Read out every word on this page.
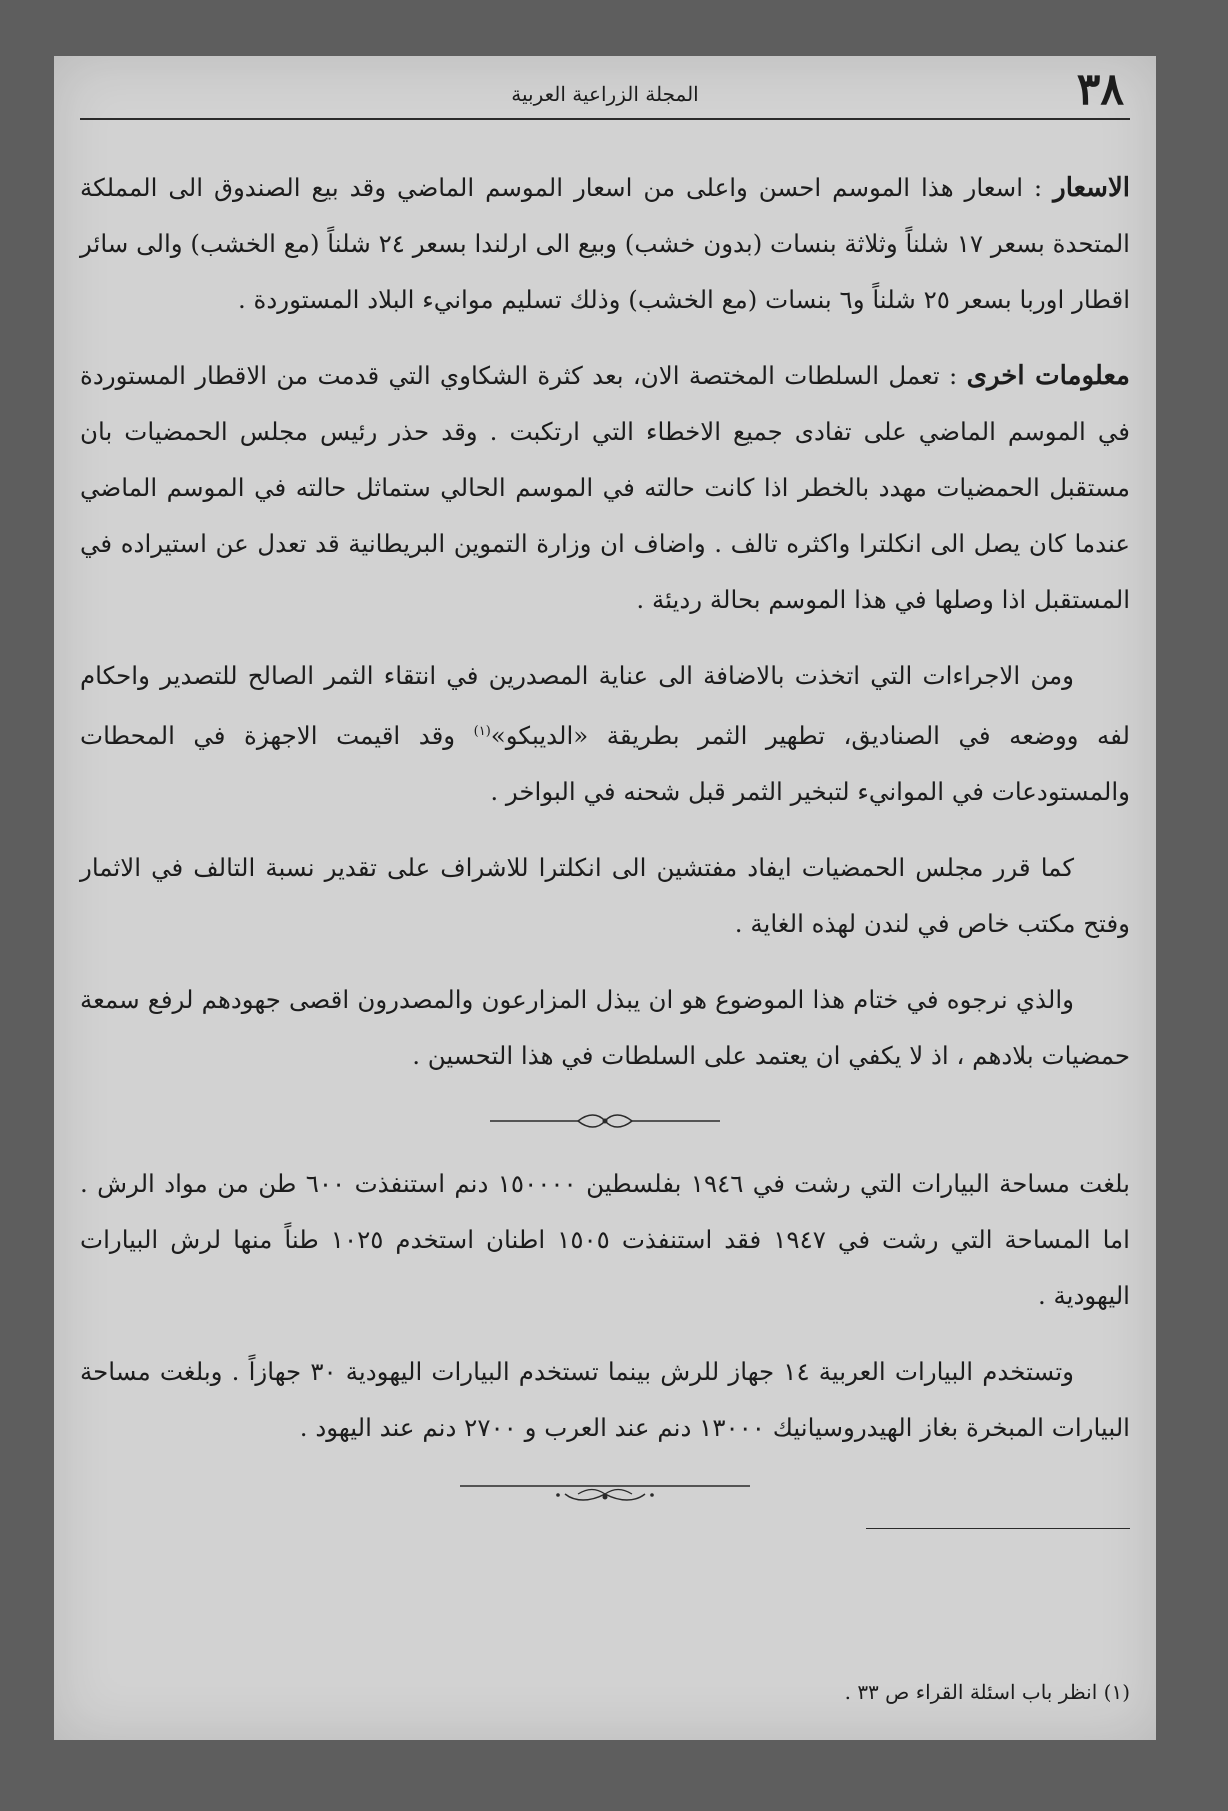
٣٨
المجلة الزراعية العربية

الاسعار : اسعار هذا الموسم احسن واعلى من اسعار الموسم الماضي وقد بيع الصندوق الى المملكة المتحدة بسعر ١٧ شلناً وثلاثة بنسات (بدون خشب) وبيع الى ارلندا بسعر ٢٤ شلناً (مع الخشب) والى سائر اقطار اوربا بسعر ٢٥ شلناً و٦ بنسات (مع الخشب) وذلك تسليم موانيء البلاد المستوردة .

معلومات اخرى : تعمل السلطات المختصة الان، بعد كثرة الشكاوي التي قدمت من الاقطار المستوردة في الموسم الماضي على تفادى جميع الاخطاء التي ارتكبت . وقد حذر رئيس مجلس الحمضيات بان مستقبل الحمضيات مهدد بالخطر اذا كانت حالته في الموسم الحالي ستماثل حالته في الموسم الماضي عندما كان يصل الى انكلترا واكثره تالف . واضاف ان وزارة التموين البريطانية قد تعدل عن استيراده في المستقبل اذا وصلها في هذا الموسم بحالة رديئة .

ومن الاجراءات التي اتخذت بالاضافة الى عناية المصدرين في انتقاء الثمر الصالح للتصدير واحكام لفه ووضعه في الصناديق، تطهير الثمر بطريقة «الديبكو»$^{(١)}$ وقد اقيمت الاجهزة في المحطات والمستودعات في الموانيء لتبخير الثمر قبل شحنه في البواخر .

كما قرر مجلس الحمضيات ايفاد مفتشين الى انكلترا للاشراف على تقدير نسبة التالف في الاثمار وفتح مكتب خاص في لندن لهذه الغاية .

والذي نرجوه في ختام هذا الموضوع هو ان يبذل المزارعون والمصدرون اقصى جهودهم لرفع سمعة حمضيات بلادهم ، اذ لا يكفي ان يعتمد على السلطات في هذا التحسين .

بلغت مساحة البيارات التي رشت في ١٩٤٦ بفلسطين ١٥٠٠٠٠ دنم استنفذت ٦٠٠ طن من مواد الرش . اما المساحة التي رشت في ١٩٤٧ فقد استنفذت ١٥٠٥ اطنان استخدم ١٠٢٥ طناً منها لرش البيارات اليهودية .

وتستخدم البيارات العربية ١٤ جهاز للرش بينما تستخدم البيارات اليهودية ٣٠ جهازاً . وبلغت مساحة البيارات المبخرة بغاز الهيدروسيانيك ١٣٠٠٠ دنم عند العرب و ٢٧٠٠ دنم عند اليهود .

(١) انظر باب اسئلة القراء ص ٣٣ .
